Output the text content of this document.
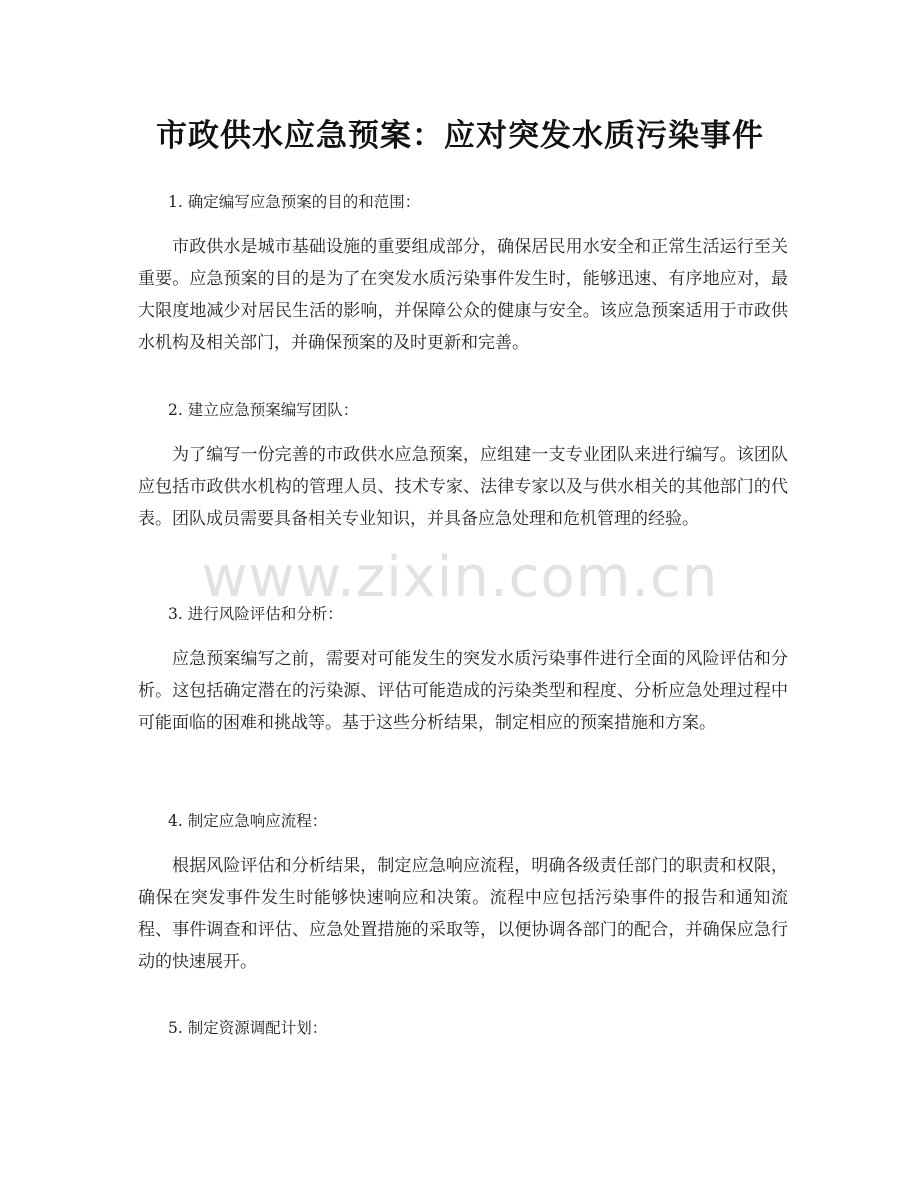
市政供水应急预案：应对突发水质污染事件
1. 确定编写应急预案的目的和范围：
市政供水是城市基础设施的重要组成部分，确保居民用水安全和正常生活运行至关重要。应急预案的目的是为了在突发水质污染事件发生时，能够迅速、有序地应对，最大限度地减少对居民生活的影响，并保障公众的健康与安全。该应急预案适用于市政供水机构及相关部门，并确保预案的及时更新和完善。
2. 建立应急预案编写团队：
为了编写一份完善的市政供水应急预案，应组建一支专业团队来进行编写。该团队应包括市政供水机构的管理人员、技术专家、法律专家以及与供水相关的其他部门的代表。团队成员需要具备相关专业知识，并具备应急处理和危机管理的经验。
3. 进行风险评估和分析：
应急预案编写之前，需要对可能发生的突发水质污染事件进行全面的风险评估和分析。这包括确定潜在的污染源、评估可能造成的污染类型和程度、分析应急处理过程中可能面临的困难和挑战等。基于这些分析结果，制定相应的预案措施和方案。
4. 制定应急响应流程：
根据风险评估和分析结果，制定应急响应流程，明确各级责任部门的职责和权限，确保在突发事件发生时能够快速响应和决策。流程中应包括污染事件的报告和通知流程、事件调查和评估、应急处置措施的采取等，以便协调各部门的配合，并确保应急行动的快速展开。
5. 制定资源调配计划：
www.zixin.com.cn
